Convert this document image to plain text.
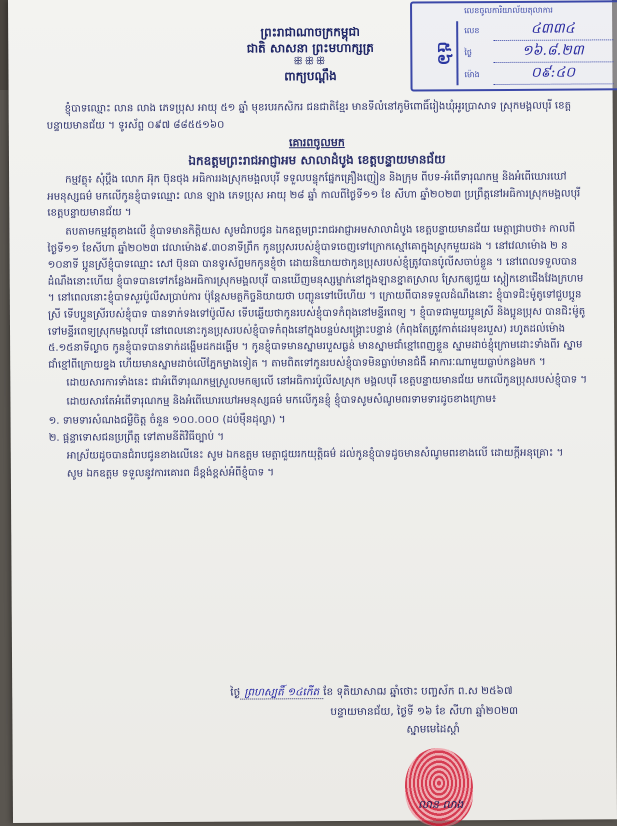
ព្រះរាជាណាចក្រកម្ពុជា
ជាតិ សាសនា ព្រះមហាក្សត្រ
ꕥꕥꕥ
ពាក្យបណ្តឹង
លេខចូលការិយាល័យតុលាការ
៥៦
លេខ	៤៣៣៤
ថ្ងៃ	១៦.៨.២៣
ម៉ោង	០៩:៤០

ខ្ញុំបាទឈ្មោះ លាន លាង ភេទប្រុស អាយុ ៥១ ឆ្នាំ មុខរបរកសិករ ជនជាតិខ្មែរ មានទីលំនៅភូមិពោធិ៍រៀងឃុំអូរប្រាសាទ ស្រុកមង្គលបុរី ខេត្តបន្ទាយមានជ័យ ។ ទូរស័ព្ទ ០៩៧ ៨៨៥៥១៦០

គោរពចូលមក
ឯកឧត្តមព្រះរាជអាជ្ញាអម សាលាដំបូង ខេត្តបន្ទាយមានជ័យ

កម្មវត្ថុ៖ សុំប្តឹង លោក អ៊ុក ប៊ុនថុង អធិការរងស្រុកមង្គលបុរី ទទួលបន្ទុកផ្នែកគ្រឿងញៀន និងក្រុម ពីបទ-អំពើទារុណកម្ម និងអំពើឃោរឃៅអមនុស្សធម៌ មកលើកូនខ្ញុំបាទឈ្មោះ លាន ឡាង ភេទប្រុស អាយុ ២៨ ឆ្នាំ កាលពីថ្ងៃទី១១ ខែ សីហា ឆ្នាំ២០២៣ ប្រព្រឹត្តនៅអធិការស្រុកមង្គលបុរី ខេត្តបន្ទាយមានជ័យ ។

តបតាមកម្មវត្ថុខាងលើ ខ្ញុំបាទមានកិត្តិយស សូមជំរាបជូន ឯកឧត្តមព្រះរាជអាជ្ញាអមសាលាដំបូង ខេត្តបន្ទាយមានជ័យ មេត្តាជ្រាបថា៖ កាលពីថ្ងៃទី១១ ខែសីហា ឆ្នាំ២០២៣ វេលាម៉ោង៩.៣០នាទីព្រឹក កូនប្រុសរបស់ខ្ញុំបាទចេញទៅក្រោកស្មៅគោក្នុងស្រុកមួយដង ។ នៅវេលាម៉ោង ២ ន ១០នាទី ប្អូនស្រីខ្ញុំបាទឈ្មោះ សៅ ប៊ុនធា បានទូរស័ព្ទមកកូនខ្ញុំថា ដោយនិយាយថាកូនប្រុសរបស់ខ្ញុំត្រូវបានប៉ូលីសចាប់ខ្លួន ។ នៅពេលទទួលបានដំណឹងនោះហើយ ខ្ញុំបាទបានទៅកន្លែងអធិការស្រុកមង្គលបុរី បានឃើញមនុស្សម្នាក់នៅក្នុងឡានខ្នាតស្រាល ស្រែកឲ្យជួយ ស្តៀកខោជើងវែងក្រហម ។ នៅពេលនោះខ្ញុំបាទសួរប៉ូលីសប្រាប់ការ ប៉ុន្តែសមត្ថកិច្ចនិយាយថា បញ្ជូនទៅបើហើយ ។ ក្រោយពីបានទទួលដំណឹងនោះ ខ្ញុំបាទជិះម៉ូតូទៅជួបប្អូនស្រី ទើបប្អូនស្រីរបស់ខ្ញុំបាទ បានទាក់ទងទៅប៉ូលីស ទើបឆ្លើយថាកូនរបស់ខ្ញុំបាទកំពុងនៅមន្ទីរពេទ្យ ។ ខ្ញុំបាទជាមួយប្អូនស្រី និងប្អូនប្រុស បានជិះម៉ូតូទៅមន្ទីរពេទ្យស្រុកមង្គលបុរី នៅពេលនោះកូនប្រុសរបស់ខ្ញុំបាទកំពុងនៅក្នុងបន្ទប់សង្គ្រោះបន្ទាន់ (កំពុងតែត្រូវកាត់ដេរមុខរបួស) រហូតដល់ម៉ោង ៥.១៥នាទីល្ងាច កូនខ្ញុំបាទបានទាក់ដង្ហើមដកដង្ហើម ។ កូនខ្ញុំបាទមានស្នាមរបួសធ្ងន់ មានស្នាមជាំខ្មៅពេញខ្លួន ស្នាមដាច់ខ្ញុំក្រោមដោះទាំងពីរ ស្នាមជាំខ្មៅពីក្រោយខ្នង ហើយមានស្នាមដាច់លើភ្នែកម្ខាងទៀត ។ តាមពិតទៅកូនរបស់ខ្ញុំបាទមិនធ្លាប់មានជំងឺ អាការៈណាមួយធ្លាប់កន្លងមក ។

ដោយសារការទាំងនេះ ជាអំពើទារុណកម្មស្រួលមកឲ្យលើ នៅអធិការប៉ូលីសស្រុក មង្គលបុរី ខេត្តបន្ទាយមានជ័យ មកលើកូនប្រុសរបស់ខ្ញុំបាទ ។

ដោយសារតែអំពើទារុណកម្ម និងអំពើឃោរឃៅអមនុស្សធម៌ មកលើកូនខ្ញុំ ខ្ញុំបាទសូមសំណូមពរទាមទារដូចខាងក្រោម៖

១. ទាមទារសំណងជម្ងឺចិត្ត ចំនួន ១០០.០០០ (ដប់ម៉ឺនដុល្លា) ។
២. ផ្តន្ទាទោសជនប្រព្រឹត្ត ទៅតាមនីតិវិធីច្បាប់ ។

អាស្រ័យដូចបានជំរាបជូនខាងលើនេះ សូម ឯកឧត្តម មេត្តាជួយរកយុត្តិធម៌ ដល់កូនខ្ញុំបាទដូចមានសំណូមពរខាងលើ ដោយក្តីអនុគ្រោះ ។

សូម ឯកឧត្តម ទទួលនូវការគោរព ដ៏ខ្ពង់ខ្ពស់អំពីខ្ញុំបាទ ។

ថ្ងៃ ព្រហស្បតិ៍ ១៤កើត ខែ ទុតិយាសាឍ ឆ្នាំថោះ បញ្ចស័ក ព.ស ២៥៦៧
បន្ទាយមានជ័យ, ថ្ងៃទី ១៦ ខែ សីហា ឆ្នាំ២០២៣
ស្នាមមេដៃស្តាំ
លាន លាង
